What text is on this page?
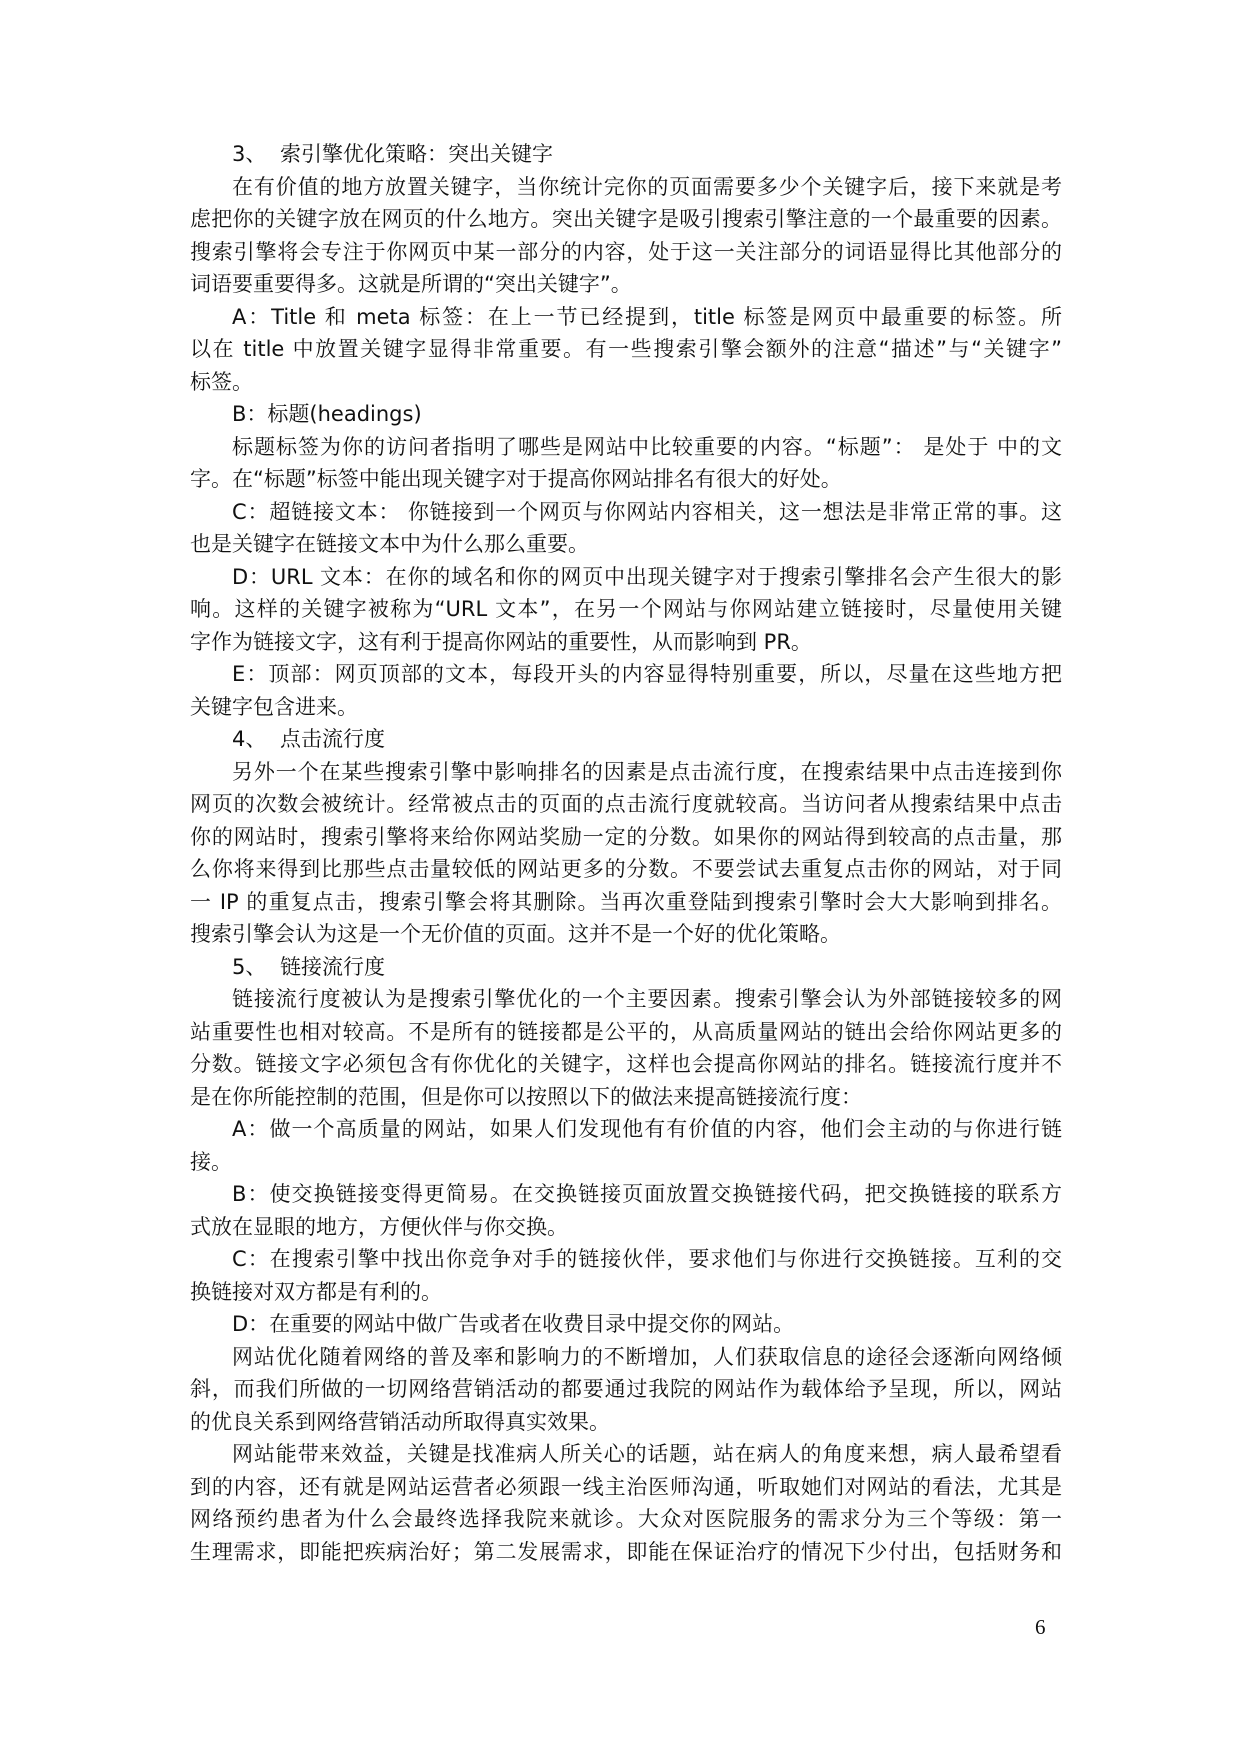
3、 索引擎优化策略：突出关键字
在有价值的地方放置关键字，当你统计完你的页面需要多少个关键字后，接下来就是考
虑把你的关键字放在网页的什么地方。突出关键字是吸引搜索引擎注意的一个最重要的因素。
搜索引擎将会专注于你网页中某一部分的内容，处于这一关注部分的词语显得比其他部分的
词语要重要得多。这就是所谓的“突出关键字”。
A：Title 和 meta 标签：在上一节已经提到，title 标签是网页中最重要的标签。所
以在 title 中放置关键字显得非常重要。有一些搜索引擎会额外的注意“描述”与“关键字”
标签。
B：标题(headings)
标题标签为你的访问者指明了哪些是网站中比较重要的内容。“标题”： 是处于 中的文
字。在“标题”标签中能出现关键字对于提高你网站排名有很大的好处。
C：超链接文本： 你链接到一个网页与你网站内容相关，这一想法是非常正常的事。这
也是关键字在链接文本中为什么那么重要。
D：URL 文本：在你的域名和你的网页中出现关键字对于搜索引擎排名会产生很大的影
响。这样的关键字被称为“URL 文本”，在另一个网站与你网站建立链接时，尽量使用关键
字作为链接文字，这有利于提高你网站的重要性，从而影响到 PR。
E：顶部：网页顶部的文本，每段开头的内容显得特别重要，所以，尽量在这些地方把
关键字包含进来。
4、 点击流行度
另外一个在某些搜索引擎中影响排名的因素是点击流行度，在搜索结果中点击连接到你
网页的次数会被统计。经常被点击的页面的点击流行度就较高。当访问者从搜索结果中点击
你的网站时，搜索引擎将来给你网站奖励一定的分数。如果你的网站得到较高的点击量，那
么你将来得到比那些点击量较低的网站更多的分数。不要尝试去重复点击你的网站，对于同
一 IP 的重复点击，搜索引擎会将其删除。当再次重登陆到搜索引擎时会大大影响到排名。
搜索引擎会认为这是一个无价值的页面。这并不是一个好的优化策略。
5、 链接流行度
链接流行度被认为是搜索引擎优化的一个主要因素。搜索引擎会认为外部链接较多的网
站重要性也相对较高。不是所有的链接都是公平的，从高质量网站的链出会给你网站更多的
分数。链接文字必须包含有你优化的关键字，这样也会提高你网站的排名。链接流行度并不
是在你所能控制的范围，但是你可以按照以下的做法来提高链接流行度：
A：做一个高质量的网站，如果人们发现他有有价值的内容，他们会主动的与你进行链
接。
B：使交换链接变得更简易。在交换链接页面放置交换链接代码，把交换链接的联系方
式放在显眼的地方，方便伙伴与你交换。
C：在搜索引擎中找出你竞争对手的链接伙伴，要求他们与你进行交换链接。互利的交
换链接对双方都是有利的。
D：在重要的网站中做广告或者在收费目录中提交你的网站。
网站优化随着网络的普及率和影响力的不断增加，人们获取信息的途径会逐渐向网络倾
斜，而我们所做的一切网络营销活动的都要通过我院的网站作为载体给予呈现，所以，网站
的优良关系到网络营销活动所取得真实效果。
网站能带来效益，关键是找准病人所关心的话题，站在病人的角度来想，病人最希望看
到的内容，还有就是网站运营者必须跟一线主治医师沟通，听取她们对网站的看法，尤其是
网络预约患者为什么会最终选择我院来就诊。大众对医院服务的需求分为三个等级：第一
生理需求，即能把疾病治好；第二发展需求，即能在保证治疗的情况下少付出，包括财务和
6
